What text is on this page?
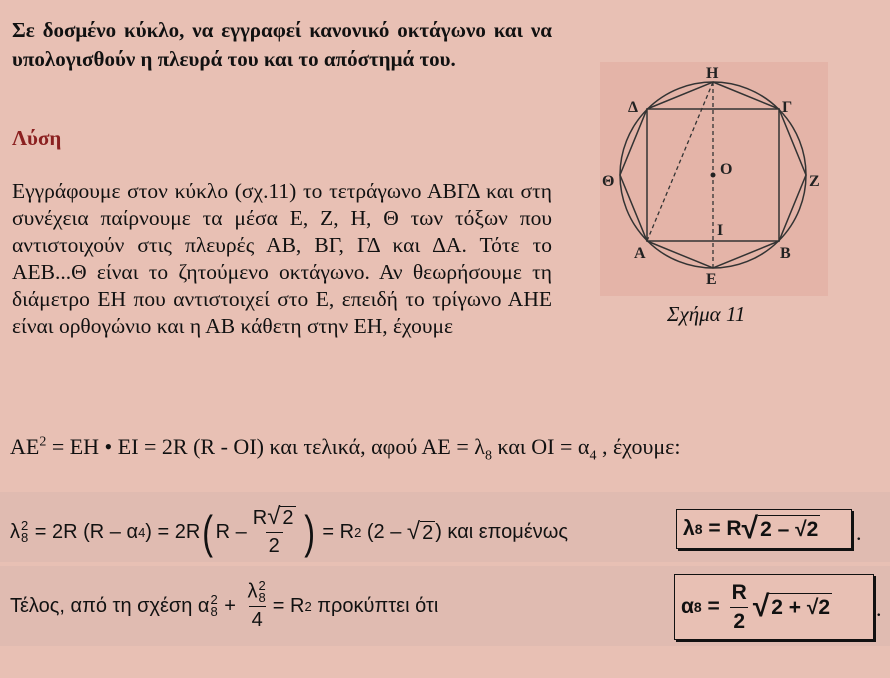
Σε δοσμένο κύκλο, να εγγραφεί κανονικό οκτάγωνο και να υπολογισθούν η πλευρά του και το απόστημά του.
Λύση
Εγγράφουμε στον κύκλο (σχ.11) το τετράγωνο ΑΒΓΔ και στη συνέχεια παίρνουμε τα μέσα Ε, Ζ, Η, Θ των τόξων που αντιστοιχούν στις πλευρές ΑΒ, ΒΓ, ΓΔ και ΔΑ. Τότε το ΑΕΒ...Θ είναι το ζητούμενο οκτάγωνο. Αν θεωρήσουμε τη διάμετρο ΕΗ που αντιστοιχεί στο Ε, επειδή το τρίγωνο ΑΗΕ είναι ορθογώνιο και η ΑΒ κάθετη στην ΕΗ, έχουμε
Η
Δ	Γ
Θ
O
Z
I
Α	Β
Ε
Σχήμα 11
$AE^2 = EH$ • ΕΙ = 2R (R - ΟΙ) και τελικά, αφού $AE = \lambda_8$ και $OI = \alpha_4$ , έχουμε:
λ 2
8 = 2R (R – α 4 ) = 2R ( R – $\frac{R √ 2}{2}$ ) = R 2 (2 – √ 2 ) και επομένως	λ 8 = R √ 2 – √2 .
Τέλος, από τη σχέση α 2
8 + λ 2
8
4 = R 2 προκύπτει ότι	α $8 = \frac{R}{2}$ √ 2 + √2 .
